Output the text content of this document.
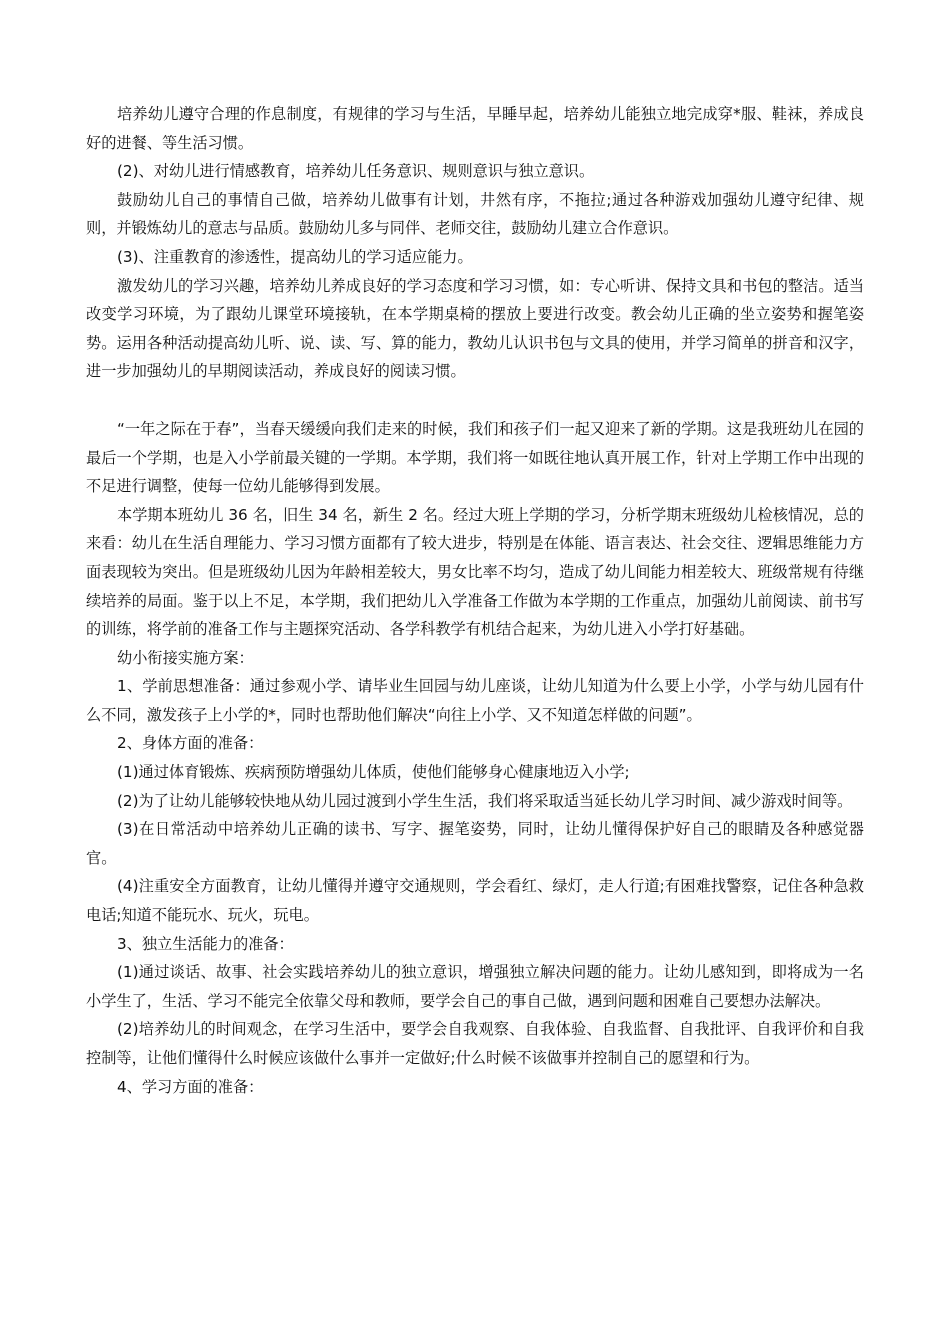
培养幼儿遵守合理的作息制度，有规律的学习与生活，早睡早起，培养幼儿能独立地完成穿*服、鞋袜，养成良好的进餐、等生活习惯。

(2)、对幼儿进行情感教育，培养幼儿任务意识、规则意识与独立意识。

鼓励幼儿自己的事情自己做，培养幼儿做事有计划，井然有序，不拖拉;通过各种游戏加强幼儿遵守纪律、规则，并锻炼幼儿的意志与品质。鼓励幼儿多与同伴、老师交往，鼓励幼儿建立合作意识。

(3)、注重教育的渗透性，提高幼儿的学习适应能力。

激发幼儿的学习兴趣，培养幼儿养成良好的学习态度和学习习惯，如：专心听讲、保持文具和书包的整洁。适当改变学习环境，为了跟幼儿课堂环境接轨，在本学期桌椅的摆放上要进行改变。教会幼儿正确的坐立姿势和握笔姿势。运用各种活动提高幼儿听、说、读、写、算的能力，教幼儿认识书包与文具的使用，并学习简单的拼音和汉字，进一步加强幼儿的早期阅读活动，养成良好的阅读习惯。

“一年之际在于春”，当春天缓缓向我们走来的时候，我们和孩子们一起又迎来了新的学期。这是我班幼儿在园的最后一个学期，也是入小学前最关键的一学期。本学期，我们将一如既往地认真开展工作，针对上学期工作中出现的不足进行调整，使每一位幼儿能够得到发展。

本学期本班幼儿 36 名，旧生 34 名，新生 2 名。经过大班上学期的学习，分析学期末班级幼儿检核情况，总的来看：幼儿在生活自理能力、学习习惯方面都有了较大进步，特别是在体能、语言表达、社会交往、逻辑思维能力方面表现较为突出。但是班级幼儿因为年龄相差较大，男女比率不均匀，造成了幼儿间能力相差较大、班级常规有待继续培养的局面。鉴于以上不足，本学期，我们把幼儿入学准备工作做为本学期的工作重点，加强幼儿前阅读、前书写的训练，将学前的准备工作与主题探究活动、各学科教学有机结合起来，为幼儿进入小学打好基础。

幼小衔接实施方案：

1、学前思想准备：通过参观小学、请毕业生回园与幼儿座谈，让幼儿知道为什么要上小学，小学与幼儿园有什么不同，激发孩子上小学的*，同时也帮助他们解决“向往上小学、又不知道怎样做的问题”。

2、身体方面的准备：

(1)通过体育锻炼、疾病预防增强幼儿体质，使他们能够身心健康地迈入小学;

(2)为了让幼儿能够较快地从幼儿园过渡到小学生生活，我们将采取适当延长幼儿学习时间、减少游戏时间等。

(3)在日常活动中培养幼儿正确的读书、写字、握笔姿势，同时，让幼儿懂得保护好自己的眼睛及各种感觉器官。

(4)注重安全方面教育，让幼儿懂得并遵守交通规则，学会看红、绿灯，走人行道;有困难找警察，记住各种急救电话;知道不能玩水、玩火，玩电。

3、独立生活能力的准备：

(1)通过谈话、故事、社会实践培养幼儿的独立意识，增强独立解决问题的能力。让幼儿感知到，即将成为一名小学生了，生活、学习不能完全依靠父母和教师，要学会自己的事自己做，遇到问题和困难自己要想办法解决。

(2)培养幼儿的时间观念，在学习生活中，要学会自我观察、自我体验、自我监督、自我批评、自我评价和自我控制等，让他们懂得什么时候应该做什么事并一定做好;什么时候不该做事并控制自己的愿望和行为。

4、学习方面的准备：
